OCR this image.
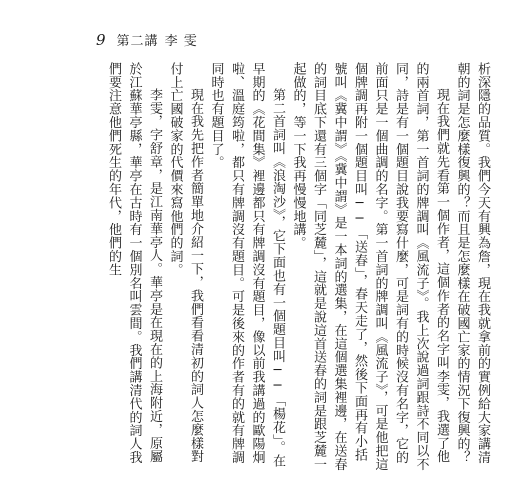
9 第二講 李 雯

析深隱的品質。我們今天有興為詹，現在我就拿前的實例給大家講清朝的詞是怎麼樣復興的？而且是怎麼樣在破國亡家的情況下復興的？

現在我們就先看第一個作者，這個作者的名字叫李雯，我選了他的兩首詞，第一首詞的牌調叫《風流子》。我上次說過詞跟詩不同以不同，詩是有一個題目說我要寫什麼，可是詞有的時候沒有名字，它的前面只是一個曲調的名字。第一首詞的牌調叫《風流子》，可是他把這個牌調再附一個題目叫──「送春」，春天走了，然後下面再有小括號叫《冀中謂》《冀中謂》是一本詞的選集，在這個選集裡邊，在送春的詞目底下還有三個字「同芝麓」，這就是說這首送春的詞是跟芝麓一起做的，等一下我再慢慢地講。

第二首詞叫《浪淘沙》，它下面也有一個題目叫──「楊花」。在早期的《花間集》裡邊都只有牌調沒有題目，像以前我講過的歐陽炯啦、溫庭筠啦，都只有牌調沒有題目。可是後來的作者有的就有牌調同時也有題目了。

現在我先把作者簡單地介紹一下，我們看看清初的詞人怎麼樣對付上亡國破家的代價來寫他們的詞。

李雯，字舒章，是江南華亭人。華亭是在現在的上海附近，原屬於江蘇華亭縣，華亭在古時有一個別名叫雲間。我們講清代的詞人我們要注意他們死生的年代，他們的生
